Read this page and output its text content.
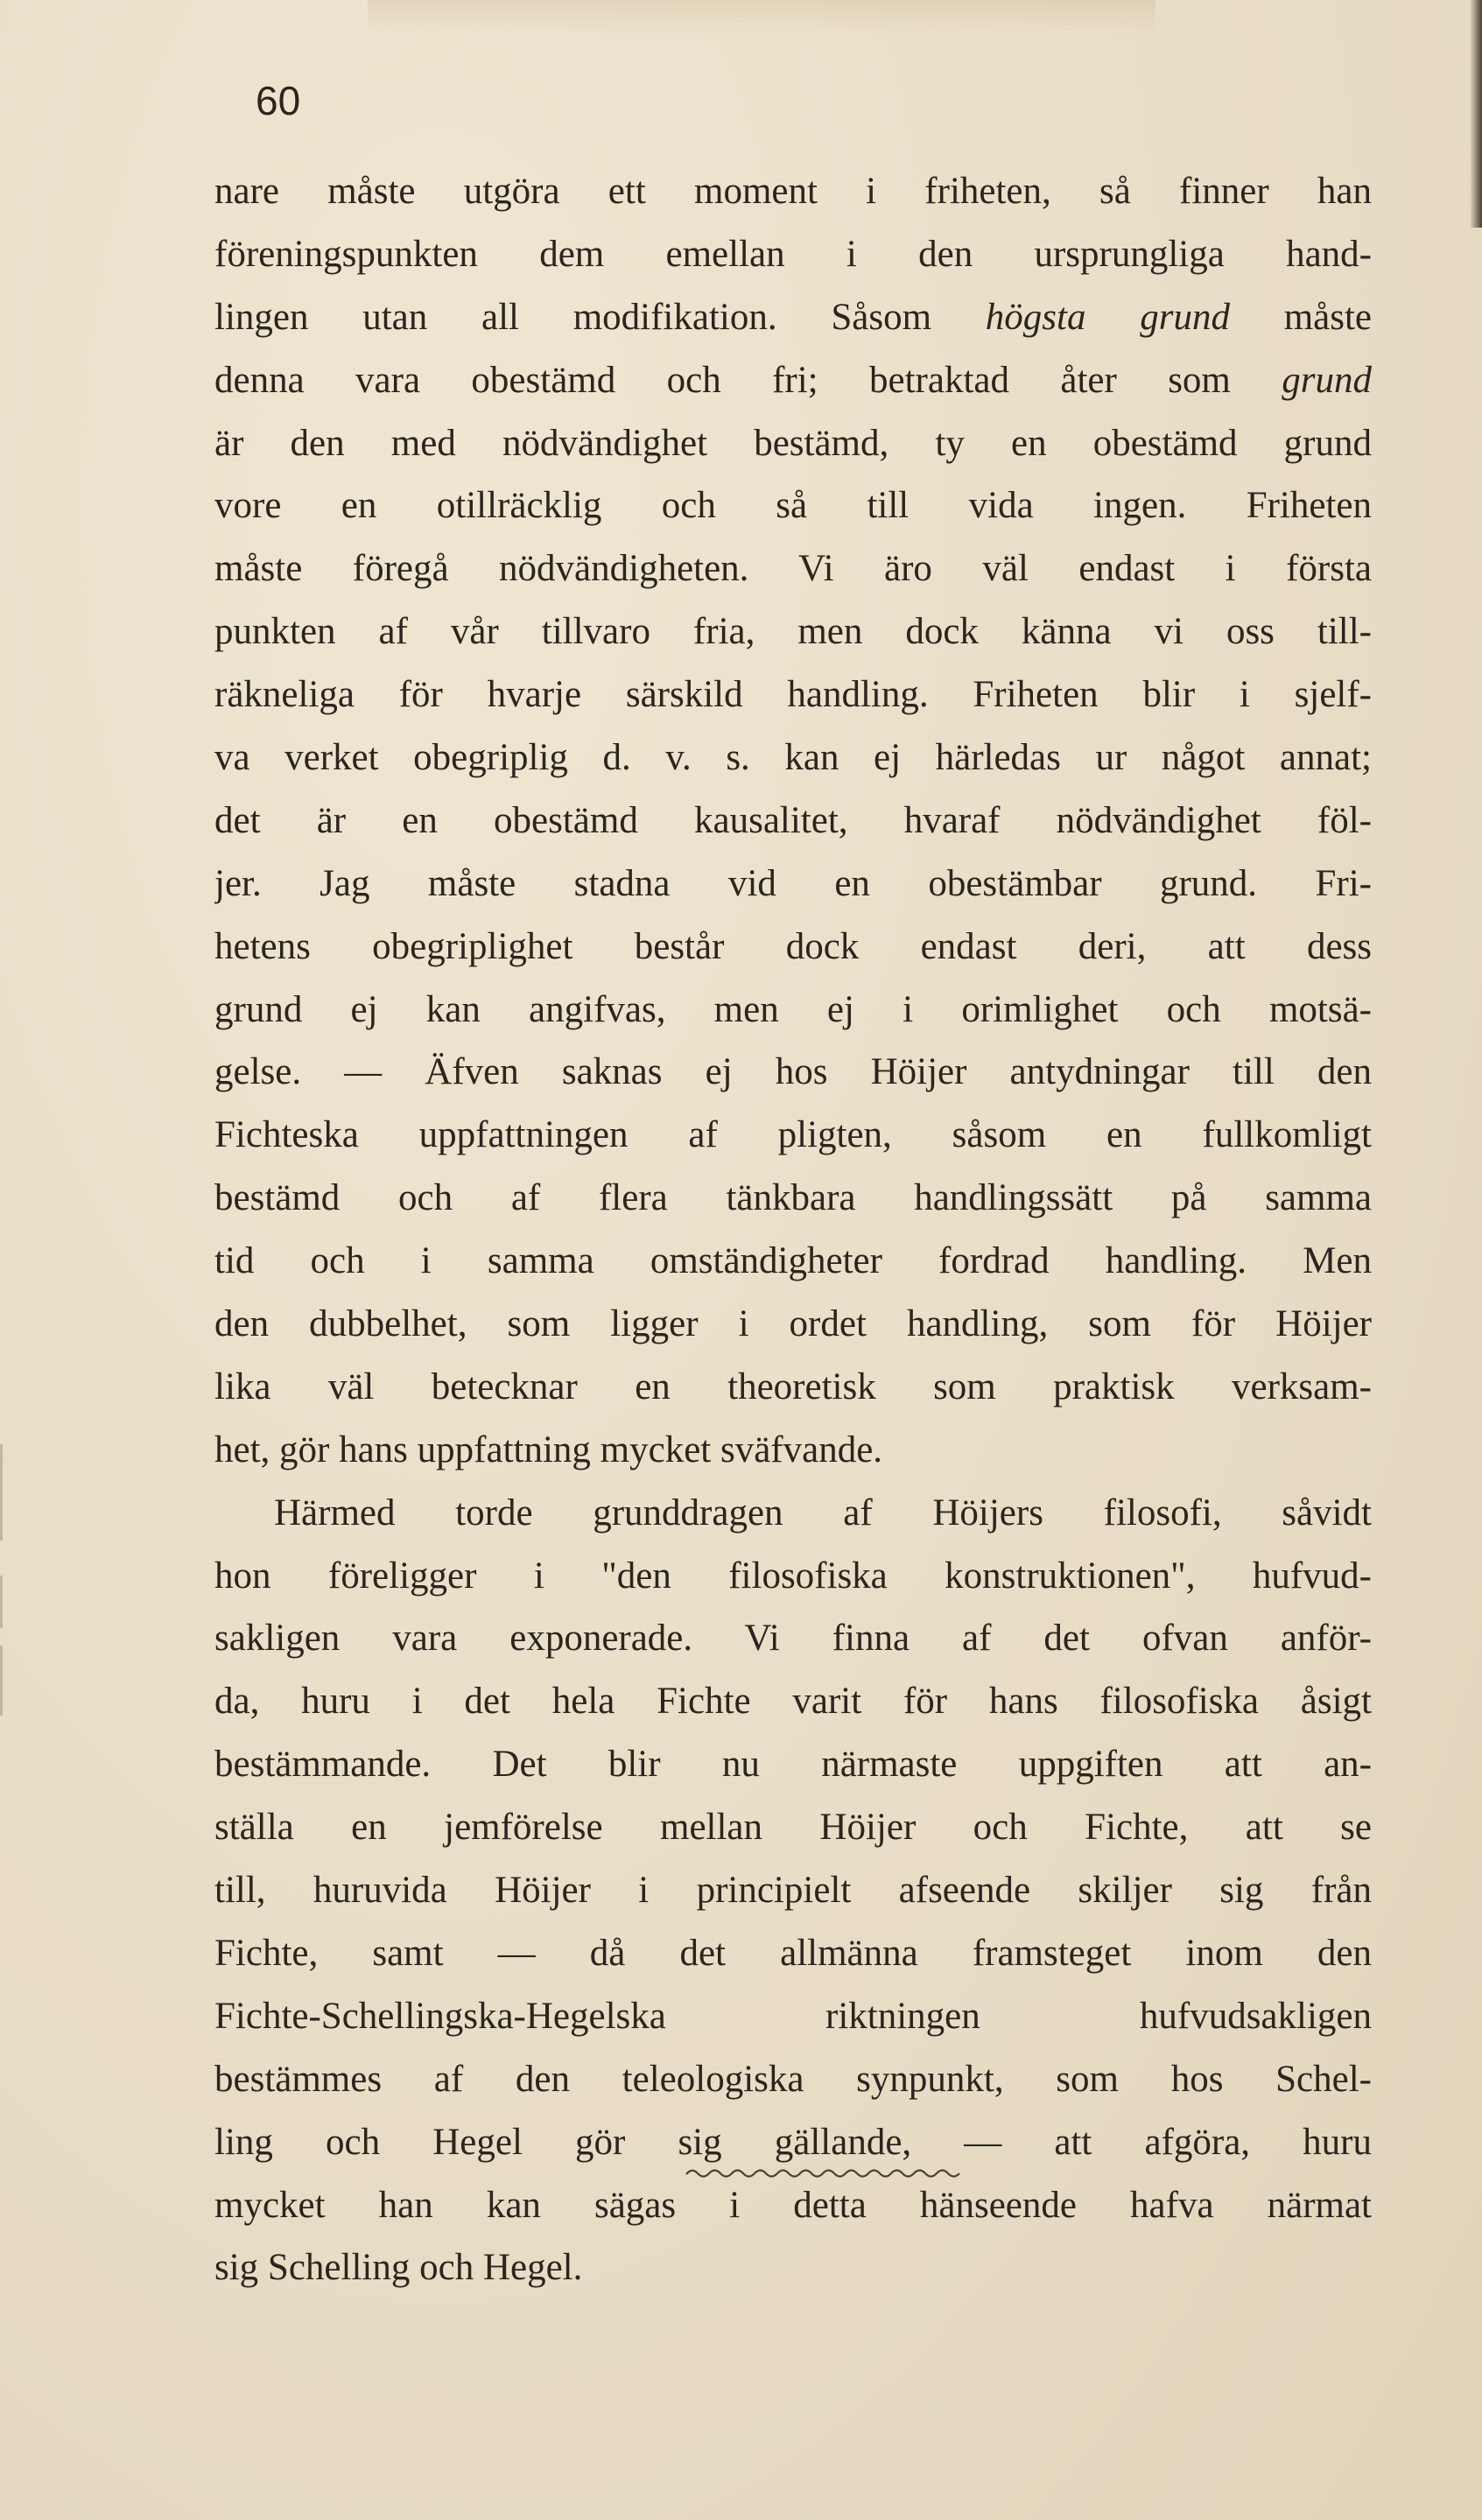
60
nare måste utgöra ett moment i friheten, så finner han
föreningspunkten dem emellan i den ursprungliga hand-
lingen utan all modifikation. Såsom högsta grund måste
denna vara obestämd och fri; betraktad åter som grund
är den med nödvändighet bestämd, ty en obestämd grund
vore en otillräcklig och så till vida ingen. Friheten
måste föregå nödvändigheten. Vi äro väl endast i första
punkten af vår tillvaro fria, men dock känna vi oss till-
räkneliga för hvarje särskild handling. Friheten blir i sjelf-
va verket obegriplig d. v. s. kan ej härledas ur något annat;
det är en obestämd kausalitet, hvaraf nödvändighet föl-
jer. Jag måste stadna vid en obestämbar grund. Fri-
hetens obegriplighet består dock endast deri, att dess
grund ej kan angifvas, men ej i orimlighet och motsä-
gelse. — Äfven saknas ej hos Höijer antydningar till den
Fichteska uppfattningen af pligten, såsom en fullkomligt
bestämd och af flera tänkbara handlingssätt på samma
tid och i samma omständigheter fordrad handling. Men
den dubbelhet, som ligger i ordet handling, som för Höijer
lika väl betecknar en theoretisk som praktisk verksam-
het, gör hans uppfattning mycket sväfvande.
Härmed torde grunddragen af Höijers filosofi, såvidt
hon föreligger i "den filosofiska konstruktionen", hufvud-
sakligen vara exponerade. Vi finna af det ofvan anför-
da, huru i det hela Fichte varit för hans filosofiska åsigt
bestämmande. Det blir nu närmaste uppgiften att an-
ställa en jemförelse mellan Höijer och Fichte, att se
till, huruvida Höijer i principielt afseende skiljer sig från
Fichte, samt — då det allmänna framsteget inom den
Fichte-Schellingska-Hegelska riktningen hufvudsakligen
bestämmes af den teleologiska synpunkt, som hos Schel-
ling och Hegel gör sig gällande, — att afgöra, huru
mycket han kan sägas i detta hänseende hafva närmat
sig Schelling och Hegel.
